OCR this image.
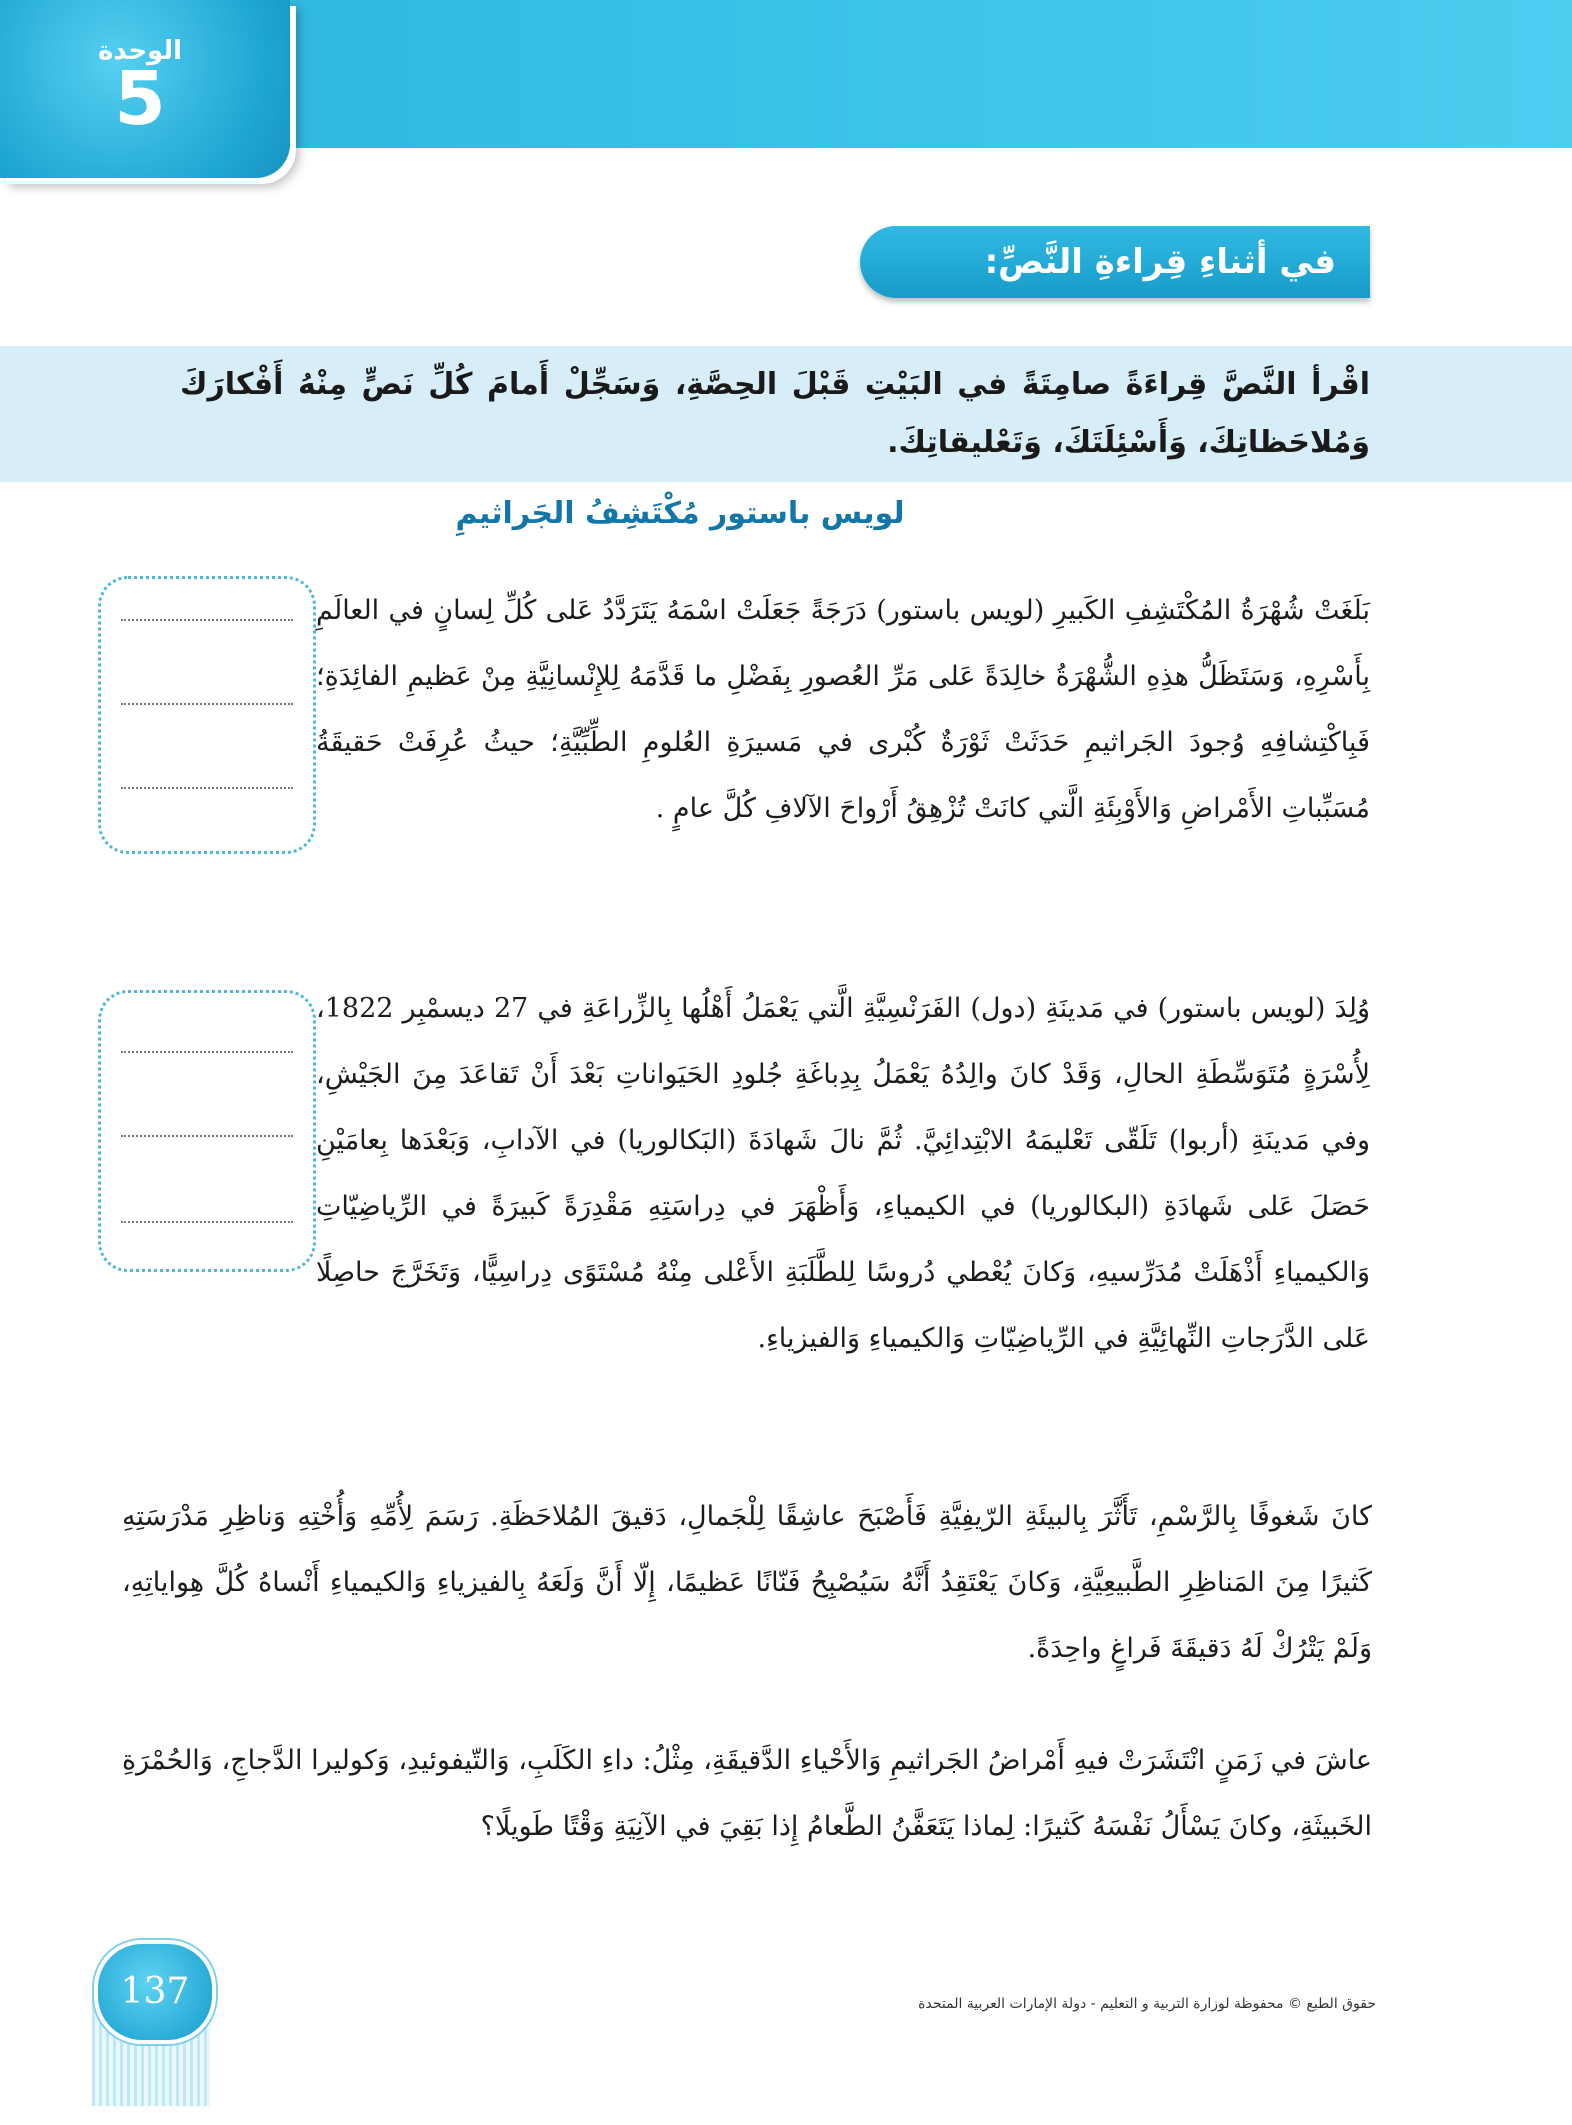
الوحدة
5
في أثناءِ قِراءةِ النَّصِّ:

اقْرأ النَّصَّ قِراءَةً صامِتَةً في البَيْتِ قَبْلَ الحِصَّةِ، وَسَجِّلْ أَمامَ كُلِّ نَصٍّ مِنْهُ أَفْكارَكَ وَمُلاحَظاتِكَ، وَأَسْئِلَتَكَ، وَتَعْليقاتِكَ.

لويس باستور مُكْتَشِفُ الجَراثيمِ
بَلَغَتْ شُهْرَةُ المُكْتَشِفِ الكَبيرِ (لويس باستور) دَرَجَةً جَعَلَتْ اسْمَهُ يَتَرَدَّدُ عَلى كُلِّ لِسانٍ في العالَمِ بِأَسْرِهِ، وَسَتَظَلُّ هذِهِ الشُّهْرَةُ خالِدَةً عَلى مَرِّ العُصورِ بِفَضْلِ ما قَدَّمَهُ لِلإِنْسانِيَّةِ مِنْ عَظيمِ الفائِدَةِ؛ فَبِاكْتِشافِهِ وُجودَ الجَراثيمِ حَدَثَتْ ثَوْرَةٌ كُبْرى في مَسيرَةِ العُلومِ الطِّبِّيَّةِ؛ حيثُ عُرِفَتْ حَقيقَةُ مُسَبِّباتِ الأَمْراضِ وَالأَوْبِئَةِ الَّتي كانَتْ تُزْهِقُ أَرْواحَ الآلافِ كُلَّ عامٍ .
وُلِدَ (لويس باستور) في مَدينَةِ (دول) الفَرَنْسِيَّةِ الَّتي يَعْمَلُ أَهْلُها بِالزِّراعَةِ في 27 ديسمْبِر 1822، لِأُسْرَةٍ مُتَوَسِّطَةِ الحالِ، وَقَدْ كانَ والِدُهُ يَعْمَلُ بِدِباغَةِ جُلودِ الحَيَواناتِ بَعْدَ أَنْ تَقاعَدَ مِنَ الجَيْشِ، وفي مَدينَةِ (أربوا) تَلَقّى تَعْليمَهُ الابْتِدائِيَّ. ثُمَّ نالَ شَهادَةَ (البَكالوريا) في الآدابِ، وَبَعْدَها بِعامَيْنِ حَصَلَ عَلى شَهادَةِ (البكالوريا) في الكيمياءِ، وَأَظْهَرَ في دِراسَتِهِ مَقْدِرَةً كَبيرَةً في الرِّياضِيّاتِ وَالكيمياءِ أَذْهَلَتْ مُدَرِّسيهِ، وَكانَ يُعْطي دُروسًا لِلطَّلَبَةِ الأَعْلى مِنْهُ مُسْتَوًى دِراسِيًّا، وَتَخَرَّجَ حاصِلًا عَلى الدَّرَجاتِ النِّهائِيَّةِ في الرِّياضِيّاتِ وَالكيمياءِ وَالفيزياءِ.
كانَ شَغوفًا بِالرَّسْمِ، تَأَثَّرَ بِالبيئَةِ الرّيفِيَّةِ فَأَصْبَحَ عاشِقًا لِلْجَمالِ، دَقيقَ المُلاحَظَةِ. رَسَمَ لِأُمِّهِ وَأُخْتِهِ وَناظِرِ مَدْرَسَتِهِ كَثيرًا مِنَ المَناظِرِ الطَّبيعِيَّةِ، وَكانَ يَعْتَقِدُ أَنَّهُ سَيُصْبِحُ فَنّانًا عَظيمًا، إِلّا أَنَّ وَلَعَهُ بِالفيزياءِ وَالكيمياءِ أَنْساهُ كُلَّ هِواياتِهِ، وَلَمْ يَتْرُكْ لَهُ دَقيقَةَ فَراغٍ واحِدَةً.
عاشَ في زَمَنٍ انْتَشَرَتْ فيهِ أَمْراضُ الجَراثيمِ وَالأَحْياءِ الدَّقيقَةِ، مِثْلُ: داءِ الكَلَبِ، وَالتّيفوئيدِ، وَكوليرا الدَّجاجِ، وَالحُمْرَةِ الخَبيثَةِ، وكانَ يَسْأَلُ نَفْسَهُ كَثيرًا: لِماذا يَتَعَفَّنُ الطَّعامُ إِذا بَقِيَ في الآنِيَةِ وَقْتًا طَويلًا؟
137	حقوق الطبع © محفوظة لوزارة التربية و التعليم - دولة الإمارات العربية المتحدة
